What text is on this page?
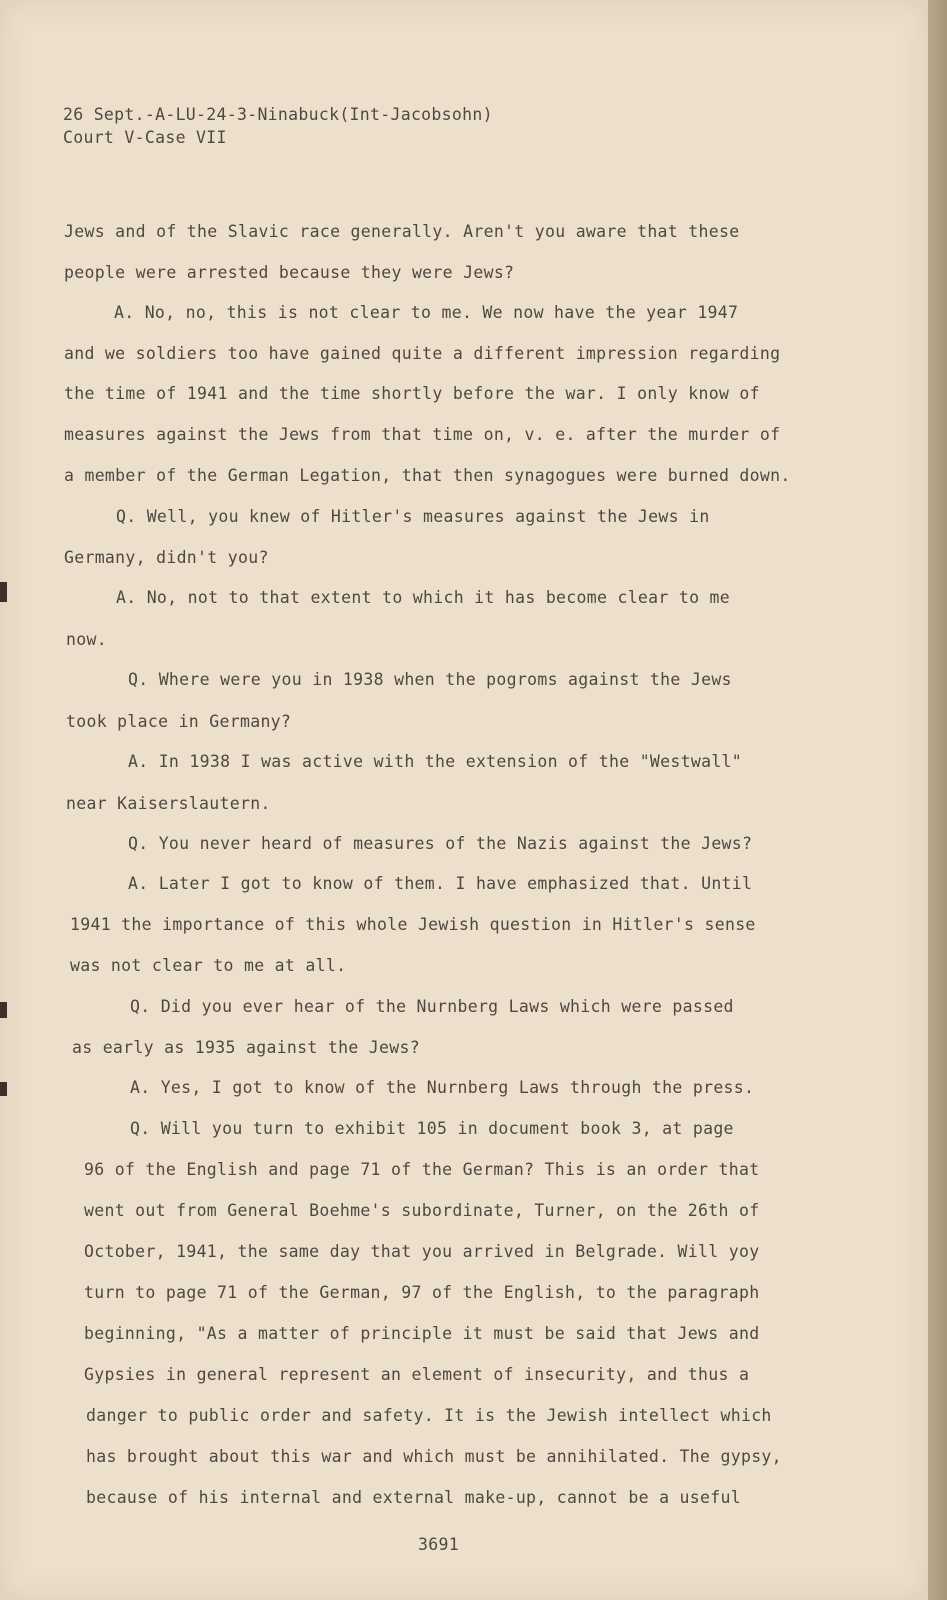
26 Sept.-A-LU-24-3-Ninabuck(Int-Jacobsohn)
Court V-Case VII
Jews and of the Slavic race generally. Aren't you aware that these
people were arrested because they were Jews?
A. No, no, this is not clear to me. We now have the year 1947
and we soldiers too have gained quite a different impression regarding
the time of 1941 and the time shortly before the war. I only know of
measures against the Jews from that time on, v. e. after the murder of
a member of the German Legation, that then synagogues were burned down.
Q. Well, you knew of Hitler's measures against the Jews in
Germany, didn't you?
A. No, not to that extent to which it has become clear to me
now.
Q. Where were you in 1938 when the pogroms against the Jews
took place in Germany?
A. In 1938 I was active with the extension of the "Westwall"
near Kaiserslautern.
Q. You never heard of measures of the Nazis against the Jews?
A. Later I got to know of them. I have emphasized that. Until
1941 the importance of this whole Jewish question in Hitler's sense
was not clear to me at all.
Q. Did you ever hear of the Nurnberg Laws which were passed
as early as 1935 against the Jews?
A. Yes, I got to know of the Nurnberg Laws through the press.
Q. Will you turn to exhibit 105 in document book 3, at page
96 of the English and page 71 of the German? This is an order that
went out from General Boehme's subordinate, Turner, on the 26th of
October, 1941, the same day that you arrived in Belgrade. Will yoy
turn to page 71 of the German, 97 of the English, to the paragraph
beginning, "As a matter of principle it must be said that Jews and
Gypsies in general represent an element of insecurity, and thus a
danger to public order and safety. It is the Jewish intellect which
has brought about this war and which must be annihilated. The gypsy,
because of his internal and external make-up, cannot be a useful
3691
